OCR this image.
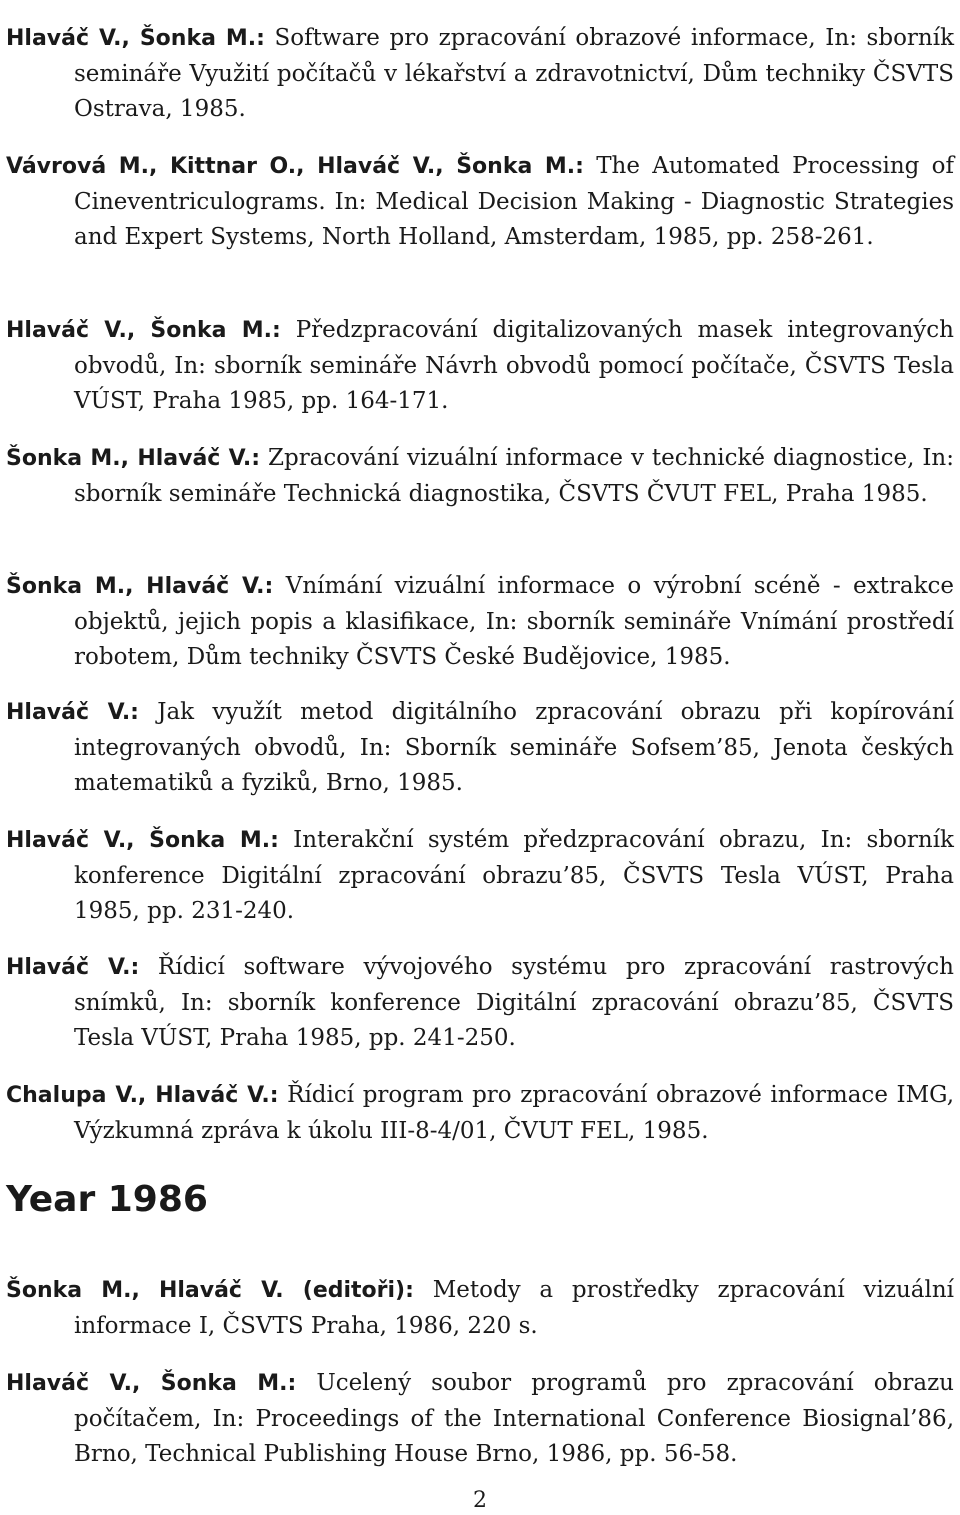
Hlaváč V., Šonka M.: Software pro zpracování obrazové informace, In: sborník semináře Využití počítačů v lékařství a zdravotnictví, Dům techniky ČSVTS Ostrava, 1985.

Vávrová M., Kittnar O., Hlaváč V., Šonka M.: The Automated Processing of Cineventriculograms. In: Medical Decision Making - Diagnostic Strategies and Expert Systems, North Holland, Amsterdam, 1985, pp. 258-261.

Hlaváč V., Šonka M.: Předzpracování digitalizovaných masek integrovaných obvodů, In: sborník semináře Návrh obvodů pomocí počítače, ČSVTS Tesla VÚST, Praha 1985, pp. 164-171.

Šonka M., Hlaváč V.: Zpracování vizuální informace v technické diagnostice, In: sborník semináře Technická diagnostika, ČSVTS ČVUT FEL, Praha 1985.

Šonka M., Hlaváč V.: Vnímání vizuální informace o výrobní scéně - extrakce objektů, jejich popis a klasifikace, In: sborník semináře Vnímání prostředí robotem, Dům techniky ČSVTS České Budějovice, 1985.

Hlaváč V.: Jak využít metod digitálního zpracování obrazu při kopírování integrovaných obvodů, In: Sborník semináře Sofsem’85, Jenota českých matematiků a fyziků, Brno, 1985.

Hlaváč V., Šonka M.: Interakční systém předzpracování obrazu, In: sborník konference Digitální zpracování obrazu’85, ČSVTS Tesla VÚST, Praha 1985, pp. 231-240.

Hlaváč V.: Řídicí software vývojového systému pro zpracování rastrových snímků, In: sborník konference Digitální zpracování obrazu’85, ČSVTS Tesla VÚST, Praha 1985, pp. 241-250.

Chalupa V., Hlaváč V.: Řídicí program pro zpracování obrazové informace IMG, Výzkumná zpráva k úkolu III-8-4/01, ČVUT FEL, 1985.

Year 1986

Šonka M., Hlaváč V. (editoři): Metody a prostředky zpracování vizuální informace I, ČSVTS Praha, 1986, 220 s.

Hlaváč V., Šonka M.: Ucelený soubor programů pro zpracování obrazu počítačem, In: Proceedings of the International Conference Biosignal’86, Brno, Technical Publishing House Brno, 1986, pp. 56-58.

2
